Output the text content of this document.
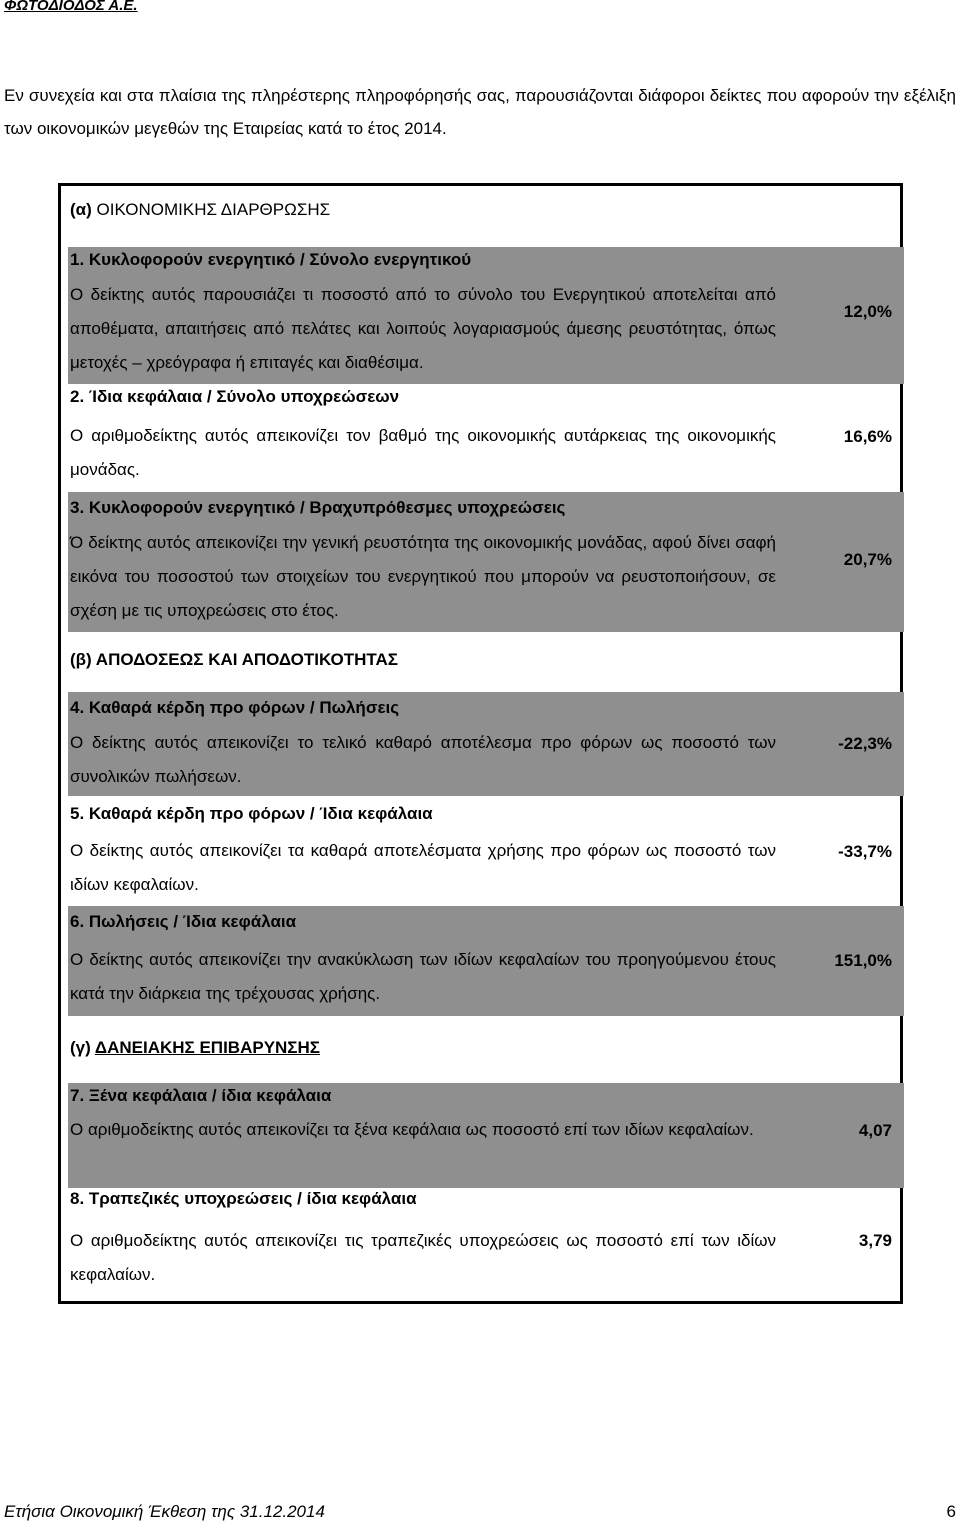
ΦΩΤΟΔΙΟΔΟΣ Α.Ε.
Εν συνεχεία και στα πλαίσια της πληρέστερης πληροφόρησής σας, παρουσιάζονται διάφοροι δείκτες που αφορούν την εξέλιξη των οικονομικών μεγεθών της Εταιρείας κατά το έτος 2014.
(α) ΟΙΚΟΝΟΜΙΚΗΣ ΔΙΑΡΘΡΩΣΗΣ
1. Κυκλοφορούν ενεργητικό / Σύνολο ενεργητικού
Ο δείκτης αυτός παρουσιάζει τι ποσοστό από το σύνολο του Ενεργητικού αποτελείται από αποθέματα, απαιτήσεις από πελάτες και λοιπούς λογαριασμούς άμεσης ρευστότητας, όπως μετοχές – χρεόγραφα ή επιταγές και διαθέσιμα.
12,0%
2. Ίδια κεφάλαια / Σύνολο υποχρεώσεων
Ο αριθμοδείκτης αυτός απεικονίζει τον βαθμό της οικονομικής αυτάρκειας της οικονομικής μονάδας.
16,6%
3. Κυκλοφορούν ενεργητικό / Βραχυπρόθεσμες υποχρεώσεις
Ό δείκτης αυτός απεικονίζει την γενική ρευστότητα της οικονομικής μονάδας, αφού δίνει σαφή εικόνα του ποσοστού των στοιχείων του ενεργητικού που μπορούν να ρευστοποιήσουν, σε σχέση με τις υποχρεώσεις στο έτος.
20,7%
(β) ΑΠΟΔΟΣΕΩΣ ΚΑΙ ΑΠΟΔΟΤΙΚΟΤΗΤΑΣ
4. Καθαρά κέρδη προ φόρων / Πωλήσεις
Ο δείκτης αυτός απεικονίζει το τελικό καθαρό αποτέλεσμα προ φόρων ως ποσοστό των συνολικών πωλήσεων.
-22,3%
5. Καθαρά κέρδη προ φόρων / Ίδια κεφάλαια
Ο δείκτης αυτός απεικονίζει τα καθαρά αποτελέσματα χρήσης προ φόρων ως ποσοστό των ιδίων κεφαλαίων.
-33,7%
6. Πωλήσεις / Ίδια κεφάλαια
Ο δείκτης αυτός απεικονίζει την ανακύκλωση των ιδίων κεφαλαίων του προηγούμενου έτους κατά την διάρκεια της τρέχουσας χρήσης.
151,0%
(γ) ΔΑΝΕΙΑΚΗΣ ΕΠΙΒΑΡΥΝΣΗΣ
7. Ξένα κεφάλαια / ίδια κεφάλαια
Ο αριθμοδείκτης αυτός απεικονίζει τα ξένα κεφάλαια ως ποσοστό επί των ιδίων κεφαλαίων.	4,07
8. Τραπεζικές υποχρεώσεις / ίδια κεφάλαια
Ο αριθμοδείκτης αυτός απεικονίζει τις τραπεζικές υποχρεώσεις ως ποσοστό επί των ιδίων κεφαλαίων.
3,79
Ετήσια Οικονομική Έκθεση της 31.12.2014	6
